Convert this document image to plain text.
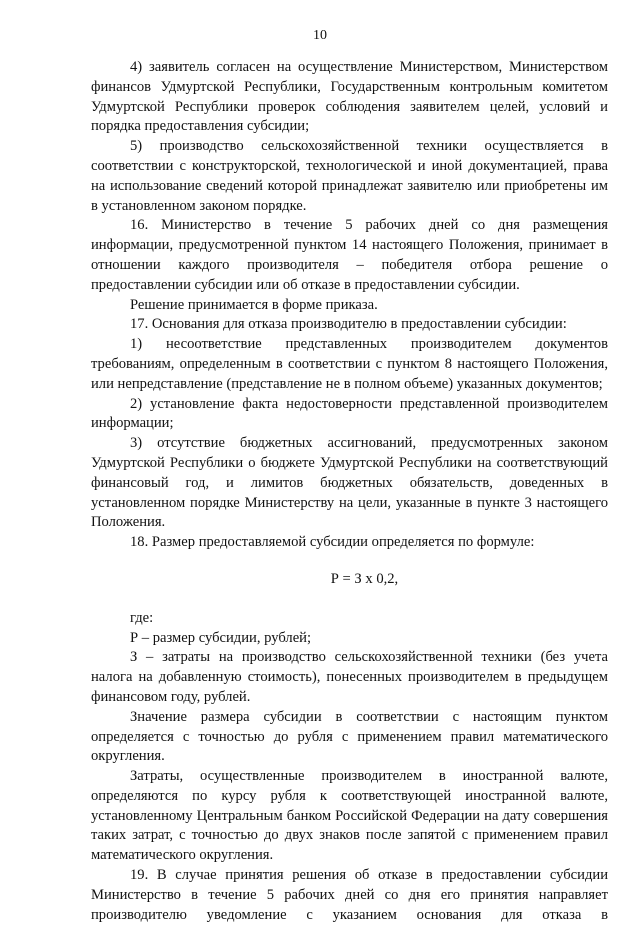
10

4) заявитель согласен на осуществление Министерством, Министерством финансов Удмуртской Республики, Государственным контрольным комитетом Удмуртской Республики проверок соблюдения заявителем целей, условий и порядка предоставления субсидии;

5) производство сельскохозяйственной техники осуществляется в соответствии с конструкторской, технологической и иной документацией, права на использование сведений которой принадлежат заявителю или приобретены им в установленном законом порядке.

16. Министерство в течение 5 рабочих дней со дня размещения информации, предусмотренной пунктом 14 настоящего Положения, принимает в отношении каждого производителя – победителя отбора решение о предоставлении субсидии или об отказе в предоставлении субсидии.

Решение принимается в форме приказа.

17. Основания для отказа производителю в предоставлении субсидии:

1) несоответствие представленных производителем документов требованиям, определенным в соответствии с пунктом 8 настоящего Положения, или непредставление (представление не в полном объеме) указанных документов;

2) установление факта недостоверности представленной производителем информации;

3) отсутствие бюджетных ассигнований, предусмотренных законом Удмуртской Республики о бюджете Удмуртской Республики на соответствующий финансовый год, и лимитов бюджетных обязательств, доведенных в установленном порядке Министерству на цели, указанные в пункте 3 настоящего Положения.

18. Размер предоставляемой субсидии определяется по формуле:

Р = З х 0,2,

где:

Р – размер субсидии, рублей;

З – затраты на производство сельскохозяйственной техники (без учета налога на добавленную стоимость), понесенных производителем в предыдущем финансовом году, рублей.

Значение размера субсидии в соответствии с настоящим пунктом определяется с точностью до рубля с применением правил математического округления.

Затраты, осуществленные производителем в иностранной валюте, определяются по курсу рубля к соответствующей иностранной валюте, установленному Центральным банком Российской Федерации на дату совершения таких затрат, с точностью до двух знаков после запятой с применением правил математического округления.

19. В случае принятия решения об отказе в предоставлении субсидии Министерство в течение 5 рабочих дней со дня его принятия направляет производителю уведомление с указанием основания для отказа в
